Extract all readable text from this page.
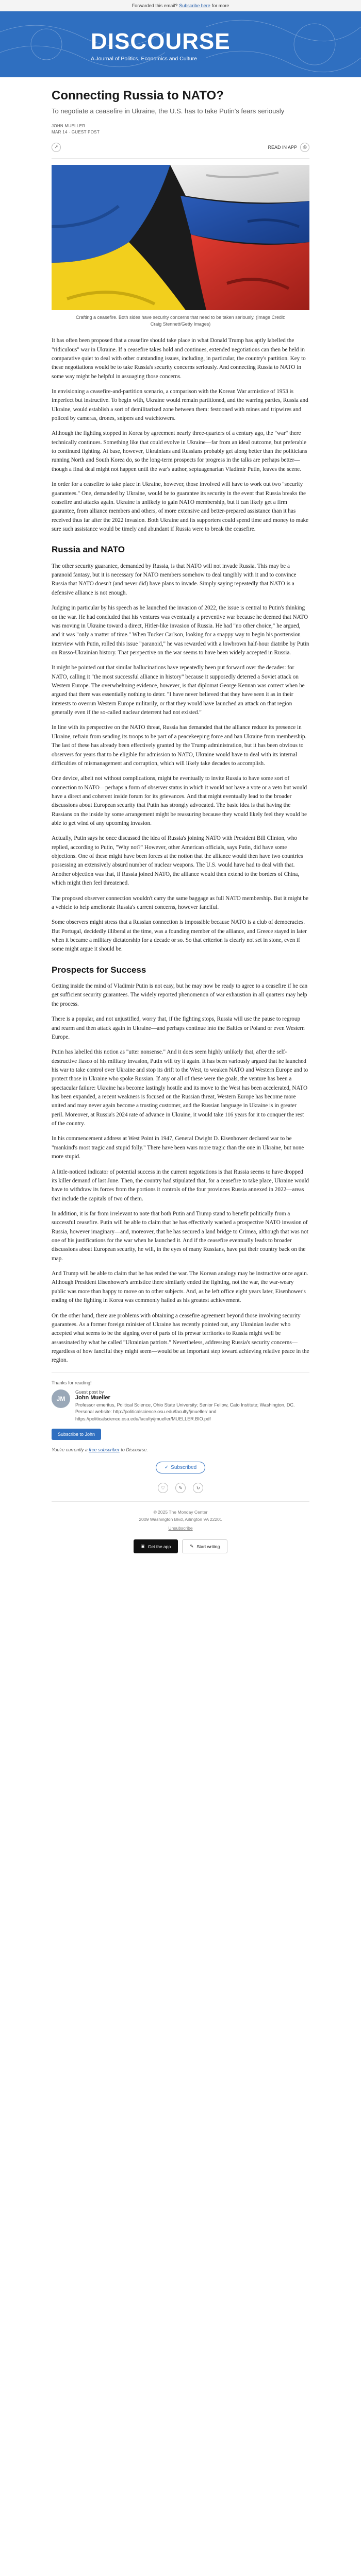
Forwarded this email? Subscribe here for more
DISCOURSE
A Journal of Politics, Economics and Culture
Connecting Russia to NATO?
To negotiate a ceasefire in Ukraine, the U.S. has to take Putin's fears seriously
JOHN MUELLER
MAR 14 · GUEST POST
↗	READ IN APP	◎
Crafting a ceasefire. Both sides have security concerns that need to be taken seriously. (Image Credit: Craig Stennett/Getty Images)

It has often been proposed that a ceasefire should take place in what Donald Trump has aptly labelled the "ridiculous" war in Ukraine. If a ceasefire takes hold and continues, extended negotiations can then be held in comparative quiet to deal with other outstanding issues, including, in particular, the country's partition. Key to these negotiations would be to take Russia's security concerns seriously. And connecting Russia to NATO in some way might be helpful in assuaging those concerns.

In envisioning a ceasefire-and-partition scenario, a comparison with the Korean War armistice of 1953 is imperfect but instructive. To begin with, Ukraine would remain partitioned, and the warring parties, Russia and Ukraine, would establish a sort of demilitarized zone between them: festooned with mines and tripwires and policed by cameras, drones, snipers and watchtowers.

Although the fighting stopped in Korea by agreement nearly three-quarters of a century ago, the "war" there technically continues. Something like that could evolve in Ukraine—far from an ideal outcome, but preferable to continued fighting. At base, however, Ukrainians and Russians probably get along better than the politicians running North and South Korea do, so the long-term prospects for progress in the talks are perhaps better—though a final deal might not happen until the war's author, septuagenarian Vladimir Putin, leaves the scene.

In order for a ceasefire to take place in Ukraine, however, those involved will have to work out two "security guarantees." One, demanded by Ukraine, would be to guarantee its security in the event that Russia breaks the ceasefire and attacks again. Ukraine is unlikely to gain NATO membership, but it can likely get a firm guarantee, from alliance members and others, of more extensive and better-prepared assistance than it has received thus far after the 2022 invasion. Both Ukraine and its supporters could spend time and money to make sure such assistance would be timely and abundant if Russia were to break the ceasefire.

Russia and NATO

The other security guarantee, demanded by Russia, is that NATO will not invade Russia. This may be a paranoid fantasy, but it is necessary for NATO members somehow to deal tangibly with it and to convince Russia that NATO doesn't (and never did) have plans to invade. Simply saying repeatedly that NATO is a defensive alliance is not enough.

Judging in particular by his speech as he launched the invasion of 2022, the issue is central to Putin's thinking on the war. He had concluded that his ventures was eventually a preventive war because he deemed that NATO was moving in Ukraine toward a direct, Hitler-like invasion of Russia. He had "no other choice," he argued, and it was "only a matter of time." When Tucker Carlson, looking for a snappy way to begin his posttension interview with Putin, rolled this issue "paranoid," he was rewarded with a lowbrown half-hour diatribe by Putin on Russo-Ukrainian history. That perspective on the war seems to have been widely accepted in Russia.

It might be pointed out that similar hallucinations have repeatedly been put forward over the decades: for NATO, calling it "the most successful alliance in history" because it supposedly deterred a Soviet attack on Western Europe. The overwhelming evidence, however, is that diplomat George Kennan was correct when he argued that there was essentially nothing to deter. "I have never believed that they have seen it as in their interests to overrun Western Europe militarily, or that they would have launched an attack on that region generally even if the so-called nuclear deterrent had not existed."

In line with its perspective on the NATO threat, Russia has demanded that the alliance reduce its presence in Ukraine, refrain from sending its troops to be part of a peacekeeping force and ban Ukraine from membership. The last of these has already been effectively granted by the Trump administration, but it has been obvious to observers for years that to be eligible for admission to NATO, Ukraine would have to deal with its internal difficulties of mismanagement and corruption, which will likely take decades to accomplish.

One device, albeit not without complications, might be eventually to invite Russia to have some sort of connection to NATO—perhaps a form of observer status in which it would not have a vote or a veto but would have a direct and coherent inside forum for its grievances. And that might eventually lead to the broader discussions about European security that Putin has strongly advocated. The basic idea is that having the Russians on the inside by some arrangement might be reassuring because they would likely feel they would be able to get wind of any upcoming invasion.

Actually, Putin says he once discussed the idea of Russia's joining NATO with President Bill Clinton, who replied, according to Putin, "Why not?" However, other American officials, says Putin, did have some objections. One of these might have been forces at the notion that the alliance would then have two countries possessing an extensively absurd number of nuclear weapons. The U.S. would have had to deal with that. Another objection was that, if Russia joined NATO, the alliance would then extend to the borders of China, which might then feel threatened.

The proposed observer connection wouldn't carry the same baggage as full NATO membership. But it might be a vehicle to help ameliorate Russia's current concerns, however fanciful.

Some observers might stress that a Russian connection is impossible because NATO is a club of democracies. But Portugal, decidedly illiberal at the time, was a founding member of the alliance, and Greece stayed in later when it became a military dictatorship for a decade or so. So that criterion is clearly not set in stone, even if some might argue it should be.

Prospects for Success

Getting inside the mind of Vladimir Putin is not easy, but he may now be ready to agree to a ceasefire if he can get sufficient security guarantees. The widely reported phenomenon of war exhaustion in all quarters may help the process.

There is a popular, and not unjustified, worry that, if the fighting stops, Russia will use the pause to regroup and rearm and then attack again in Ukraine—and perhaps continue into the Baltics or Poland or even Western Europe.

Putin has labelled this notion as "utter nonsense." And it does seem highly unlikely that, after the self-destructive fiasco of his military invasion, Putin will try it again. It has been variously argued that he launched his war to take control over Ukraine and stop its drift to the West, to weaken NATO and Western Europe and to protect those in Ukraine who spoke Russian. If any or all of these were the goals, the venture has been a spectacular failure: Ukraine has become lastingly hostile and its move to the West has been accelerated, NATO has been expanded, a recent weakness is focused on the Russian threat, Western Europe has become more united and may never again become a trusting customer, and the Russian language in Ukraine is in greater peril. Moreover, at Russia's 2024 rate of advance in Ukraine, it would take 116 years for it to conquer the rest of the country.

In his commencement address at West Point in 1947, General Dwight D. Eisenhower declared war to be "mankind's most tragic and stupid folly." There have been wars more tragic than the one in Ukraine, but none more stupid.

A little-noticed indicator of potential success in the current negotiations is that Russia seems to have dropped its killer demand of last June. Then, the country had stipulated that, for a ceasefire to take place, Ukraine would have to withdraw its forces from the portions it controls of the four provinces Russia annexed in 2022—areas that include the capitals of two of them.

In addition, it is far from irrelevant to note that both Putin and Trump stand to benefit politically from a successful ceasefire. Putin will be able to claim that he has effectively washed a prospective NATO invasion of Russia, however imaginary—and, moreover, that he has secured a land bridge to Crimea, although that was not one of his justifications for the war when he launched it. And if the ceasefire eventually leads to broader discussions about European security, he will, in the eyes of many Russians, have put their country back on the map.

And Trump will be able to claim that he has ended the war. The Korean analogy may be instructive once again. Although President Eisenhower's armistice there similarly ended the fighting, not the war, the war-weary public was more than happy to move on to other subjects. And, as he left office eight years later, Eisenhower's ending of the fighting in Korea was commonly hailed as his greatest achievement.

On the other hand, there are problems with obtaining a ceasefire agreement beyond those involving security guarantees. As a former foreign minister of Ukraine has recently pointed out, any Ukrainian leader who accepted what seems to be the signing over of parts of its prewar territories to Russia might well be assassinated by what he called "Ukrainian patriots." Nevertheless, addressing Russia's security concerns—regardless of how fanciful they might seem—would be an important step toward achieving relative peace in the region.

Thanks for reading!
JM
Guest post by
John Mueller
Professor emeritus, Political Science, Ohio State University; Senior Fellow, Cato Institute; Washington, DC. Personal website: http://politicalscience.osu.edu/faculty/jmueller/ and https://politicalscience.osu.edu/faculty/jmueller/MUELLER.BIO.pdf
Subscribe to John
You're currently a free subscriber to Discourse.
✓ Subscribed
♡	✎	↻
© 2025 The Monday Center
2009 Washington Blvd, Arlington VA 22201
Unsubscribe
▣ Get the app	✎ Start writing
